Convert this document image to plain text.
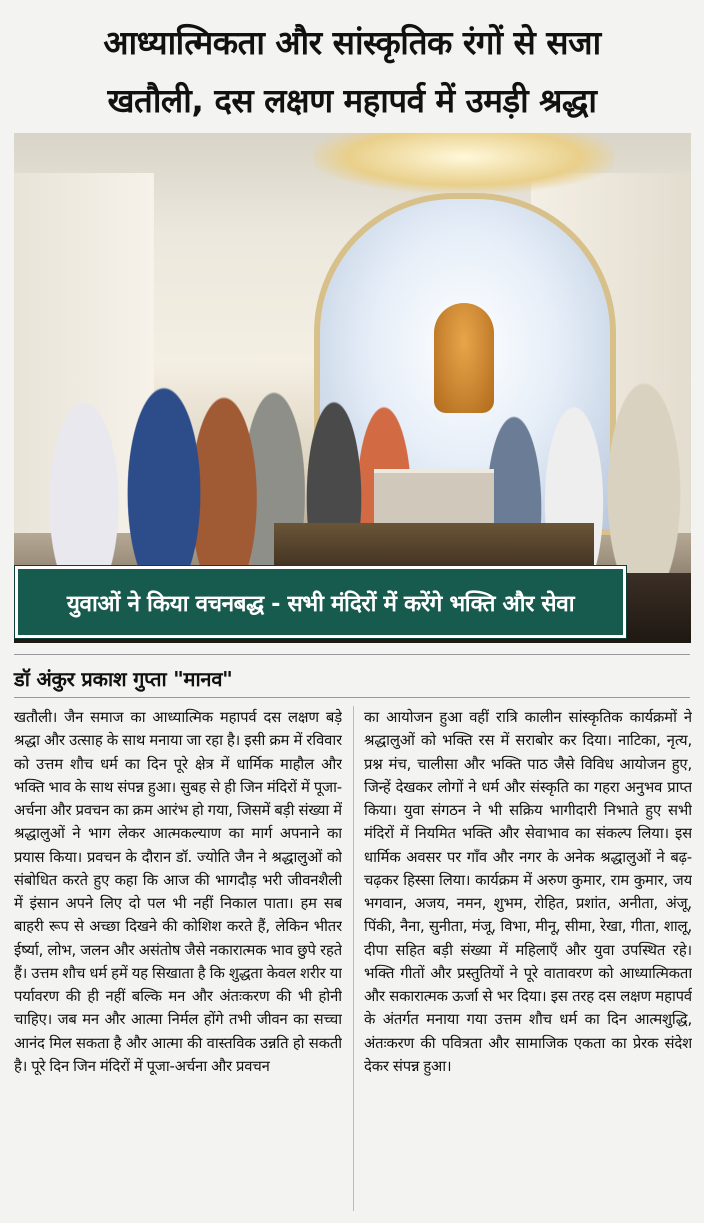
आध्यात्मिकता और सांस्कृतिक रंगों से सजा
खतौली, दस लक्षण महापर्व में उमड़ी श्रद्धा
युवाओं ने किया वचनबद्ध - सभी मंदिरों में करेंगे भक्ति और सेवा
डॉ अंकुर प्रकाश गुप्ता "मानव"
खतौली। जैन समाज का आध्यात्मिक महापर्व दस लक्षण बड़े श्रद्धा और उत्साह के साथ मनाया जा रहा है। इसी क्रम में रविवार को उत्तम शौच धर्म का दिन पूरे क्षेत्र में धार्मिक माहौल और भक्ति भाव के साथ संपन्न हुआ। सुबह से ही जिन मंदिरों में पूजा-अर्चना और प्रवचन का क्रम आरंभ हो गया, जिसमें बड़ी संख्या में श्रद्धालुओं ने भाग लेकर आत्मकल्याण का मार्ग अपनाने का प्रयास किया। प्रवचन के दौरान डॉ. ज्योति जैन ने श्रद्धालुओं को संबोधित करते हुए कहा कि आज की भागदौड़ भरी जीवनशैली में इंसान अपने लिए दो पल भी नहीं निकाल पाता। हम सब बाहरी रूप से अच्छा दिखने की कोशिश करते हैं, लेकिन भीतर ईर्ष्या, लोभ, जलन और असंतोष जैसे नकारात्मक भाव छुपे रहते हैं। उत्तम शौच धर्म हमें यह सिखाता है कि शुद्धता केवल शरीर या पर्यावरण की ही नहीं बल्कि मन और अंतःकरण की भी होनी चाहिए। जब मन और आत्मा निर्मल होंगे तभी जीवन का सच्चा आनंद मिल सकता है और आत्मा की वास्तविक उन्नति हो सकती है। पूरे दिन जिन मंदिरों में पूजा-अर्चना और प्रवचन
का आयोजन हुआ वहीं रात्रि कालीन सांस्कृतिक कार्यक्रमों ने श्रद्धालुओं को भक्ति रस में सराबोर कर दिया। नाटिका, नृत्य, प्रश्न मंच, चालीसा और भक्ति पाठ जैसे विविध आयोजन हुए, जिन्हें देखकर लोगों ने धर्म और संस्कृति का गहरा अनुभव प्राप्त किया। युवा संगठन ने भी सक्रिय भागीदारी निभाते हुए सभी मंदिरों में नियमित भक्ति और सेवाभाव का संकल्प लिया। इस धार्मिक अवसर पर गाँव और नगर के अनेक श्रद्धालुओं ने बढ़-चढ़कर हिस्सा लिया। कार्यक्रम में अरुण कुमार, राम कुमार, जय भगवान, अजय, नमन, शुभम, रोहित, प्रशांत, अनीता, अंजू, पिंकी, नैना, सुनीता, मंजू, विभा, मीनू, सीमा, रेखा, गीता, शालू, दीपा सहित बड़ी संख्या में महिलाएँ और युवा उपस्थित रहे। भक्ति गीतों और प्रस्तुतियों ने पूरे वातावरण को आध्यात्मिकता और सकारात्मक ऊर्जा से भर दिया। इस तरह दस लक्षण महापर्व के अंतर्गत मनाया गया उत्तम शौच धर्म का दिन आत्मशुद्धि, अंतःकरण की पवित्रता और सामाजिक एकता का प्रेरक संदेश देकर संपन्न हुआ।
